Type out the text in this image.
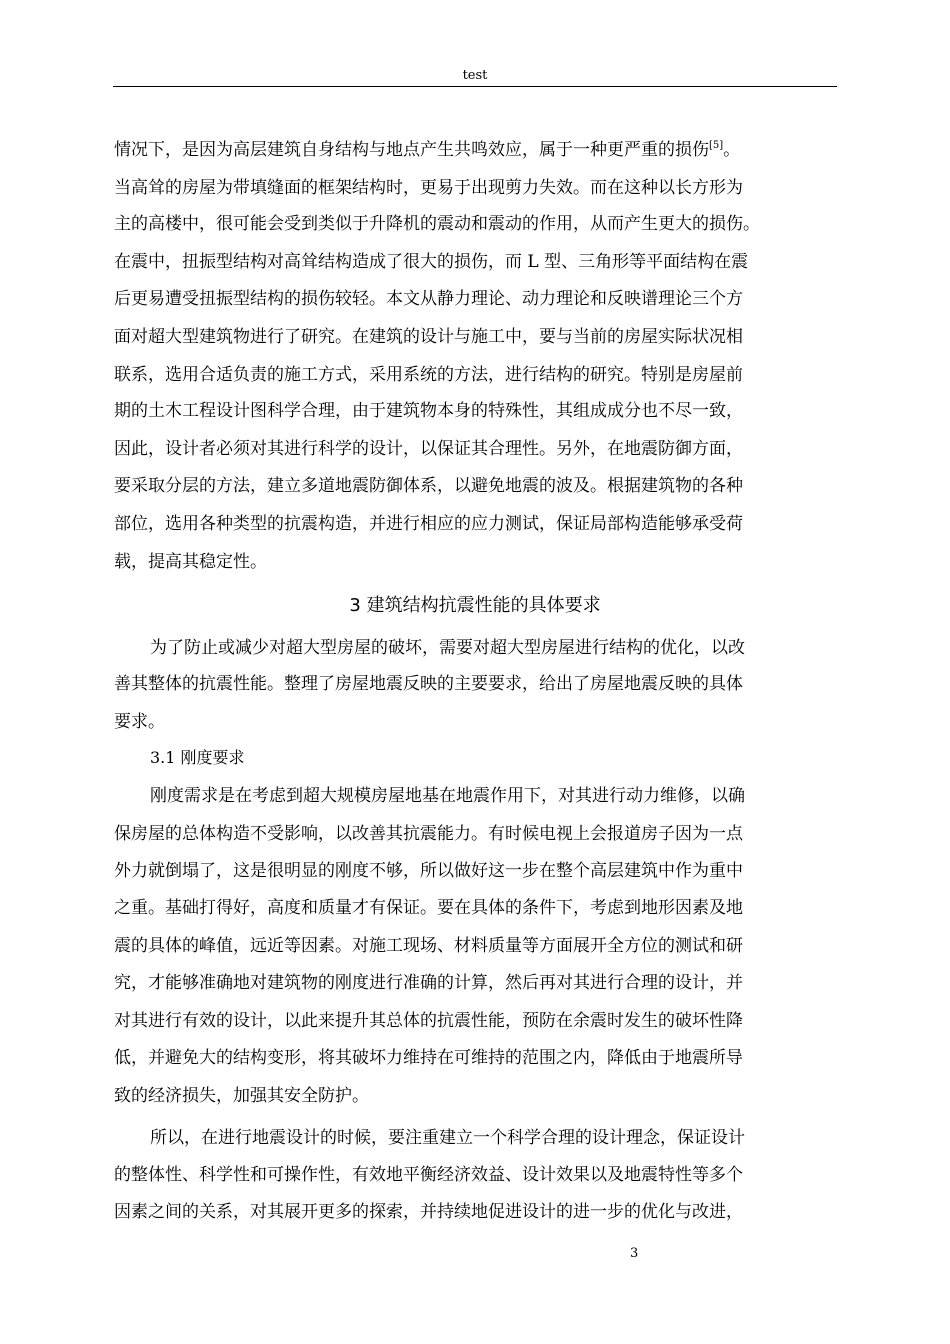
test
情况下，是因为高层建筑自身结构与地点产生共鸣效应，属于一种更严重的损伤[5]。
当高耸的房屋为带填缝面的框架结构时，更易于出现剪力失效。而在这种以长方形为
主的高楼中，很可能会受到类似于升降机的震动和震动的作用，从而产生更大的损伤。
在震中，扭振型结构对高耸结构造成了很大的损伤，而 L 型、三角形等平面结构在震
后更易遭受扭振型结构的损伤较轻。本文从静力理论、动力理论和反映谱理论三个方
面对超大型建筑物进行了研究。在建筑的设计与施工中，要与当前的房屋实际状况相
联系，选用合适负责的施工方式，采用系统的方法，进行结构的研究。特别是房屋前
期的土木工程设计图科学合理，由于建筑物本身的特殊性，其组成成分也不尽一致，
因此，设计者必须对其进行科学的设计，以保证其合理性。另外，在地震防御方面，
要采取分层的方法，建立多道地震防御体系，以避免地震的波及。根据建筑物的各种
部位，选用各种类型的抗震构造，并进行相应的应力测试，保证局部构造能够承受荷
载，提高其稳定性。
3 建筑结构抗震性能的具体要求
为了防止或减少对超大型房屋的破坏，需要对超大型房屋进行结构的优化，以改
善其整体的抗震性能。整理了房屋地震反映的主要要求，给出了房屋地震反映的具体
要求。
3.1 刚度要求
刚度需求是在考虑到超大规模房屋地基在地震作用下，对其进行动力维修，以确
保房屋的总体构造不受影响，以改善其抗震能力。有时候电视上会报道房子因为一点
外力就倒塌了，这是很明显的刚度不够，所以做好这一步在整个高层建筑中作为重中
之重。基础打得好，高度和质量才有保证。要在具体的条件下，考虑到地形因素及地
震的具体的峰值，远近等因素。对施工现场、材料质量等方面展开全方位的测试和研
究，才能够准确地对建筑物的刚度进行准确的计算，然后再对其进行合理的设计，并
对其进行有效的设计，以此来提升其总体的抗震性能，预防在余震时发生的破坏性降
低，并避免大的结构变形，将其破坏力维持在可维持的范围之内，降低由于地震所导
致的经济损失，加强其安全防护。
所以，在进行地震设计的时候，要注重建立一个科学合理的设计理念，保证设计
的整体性、科学性和可操作性，有效地平衡经济效益、设计效果以及地震特性等多个
因素之间的关系，对其展开更多的探索，并持续地促进设计的进一步的优化与改进，
3
